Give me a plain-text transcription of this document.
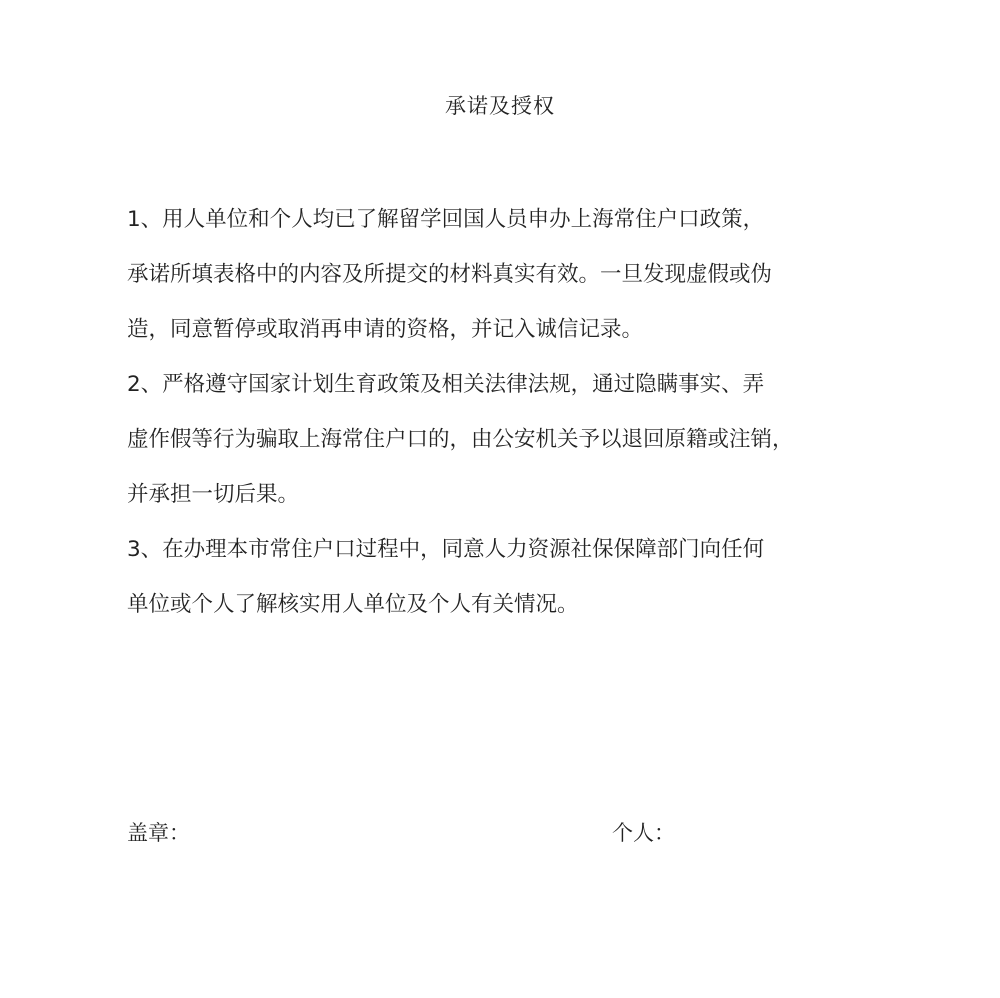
承诺及授权
1、用人单位和个人均已了解留学回国人员申办上海常住户口政策，
承诺所填表格中的内容及所提交的材料真实有效。一旦发现虚假或伪
造，同意暂停或取消再申请的资格，并记入诚信记录。
2、严格遵守国家计划生育政策及相关法律法规，通过隐瞒事实、弄
虚作假等行为骗取上海常住户口的，由公安机关予以退回原籍或注销，
并承担一切后果。
3、在办理本市常住户口过程中，同意人力资源社保保障部门向任何
单位或个人了解核实用人单位及个人有关情况。
盖章：	个人：
